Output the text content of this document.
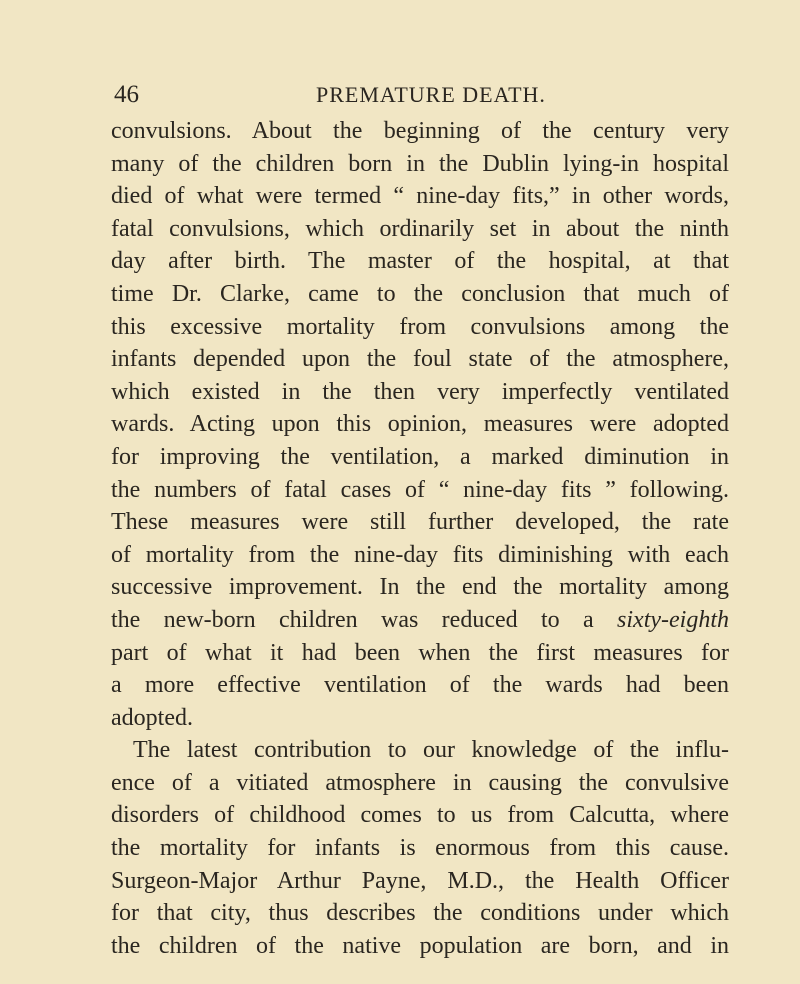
46	PREMATURE DEATH.
convulsions. About the beginning of the century very
many of the children born in the Dublin lying-in hospital
died of what were termed “ nine-day fits,” in other words,
fatal convulsions, which ordinarily set in about the ninth
day after birth. The master of the hospital, at that
time Dr. Clarke, came to the conclusion that much of
this excessive mortality from convulsions among the
infants depended upon the foul state of the atmosphere,
which existed in the then very imperfectly ventilated
wards. Acting upon this opinion, measures were adopted
for improving the ventilation, a marked diminution in
the numbers of fatal cases of “ nine-day fits ” following.
These measures were still further developed, the rate
of mortality from the nine-day fits diminishing with each
successive improvement. In the end the mortality among
the new-born children was reduced to a sixty-eighth
part of what it had been when the first measures for
a more effective ventilation of the wards had been
adopted.
The latest contribution to our knowledge of the influ-
ence of a vitiated atmosphere in causing the convulsive
disorders of childhood comes to us from Calcutta, where
the mortality for infants is enormous from this cause.
Surgeon-Major Arthur Payne, M.D., the Health Officer
for that city, thus describes the conditions under which
the children of the native population are born, and in
